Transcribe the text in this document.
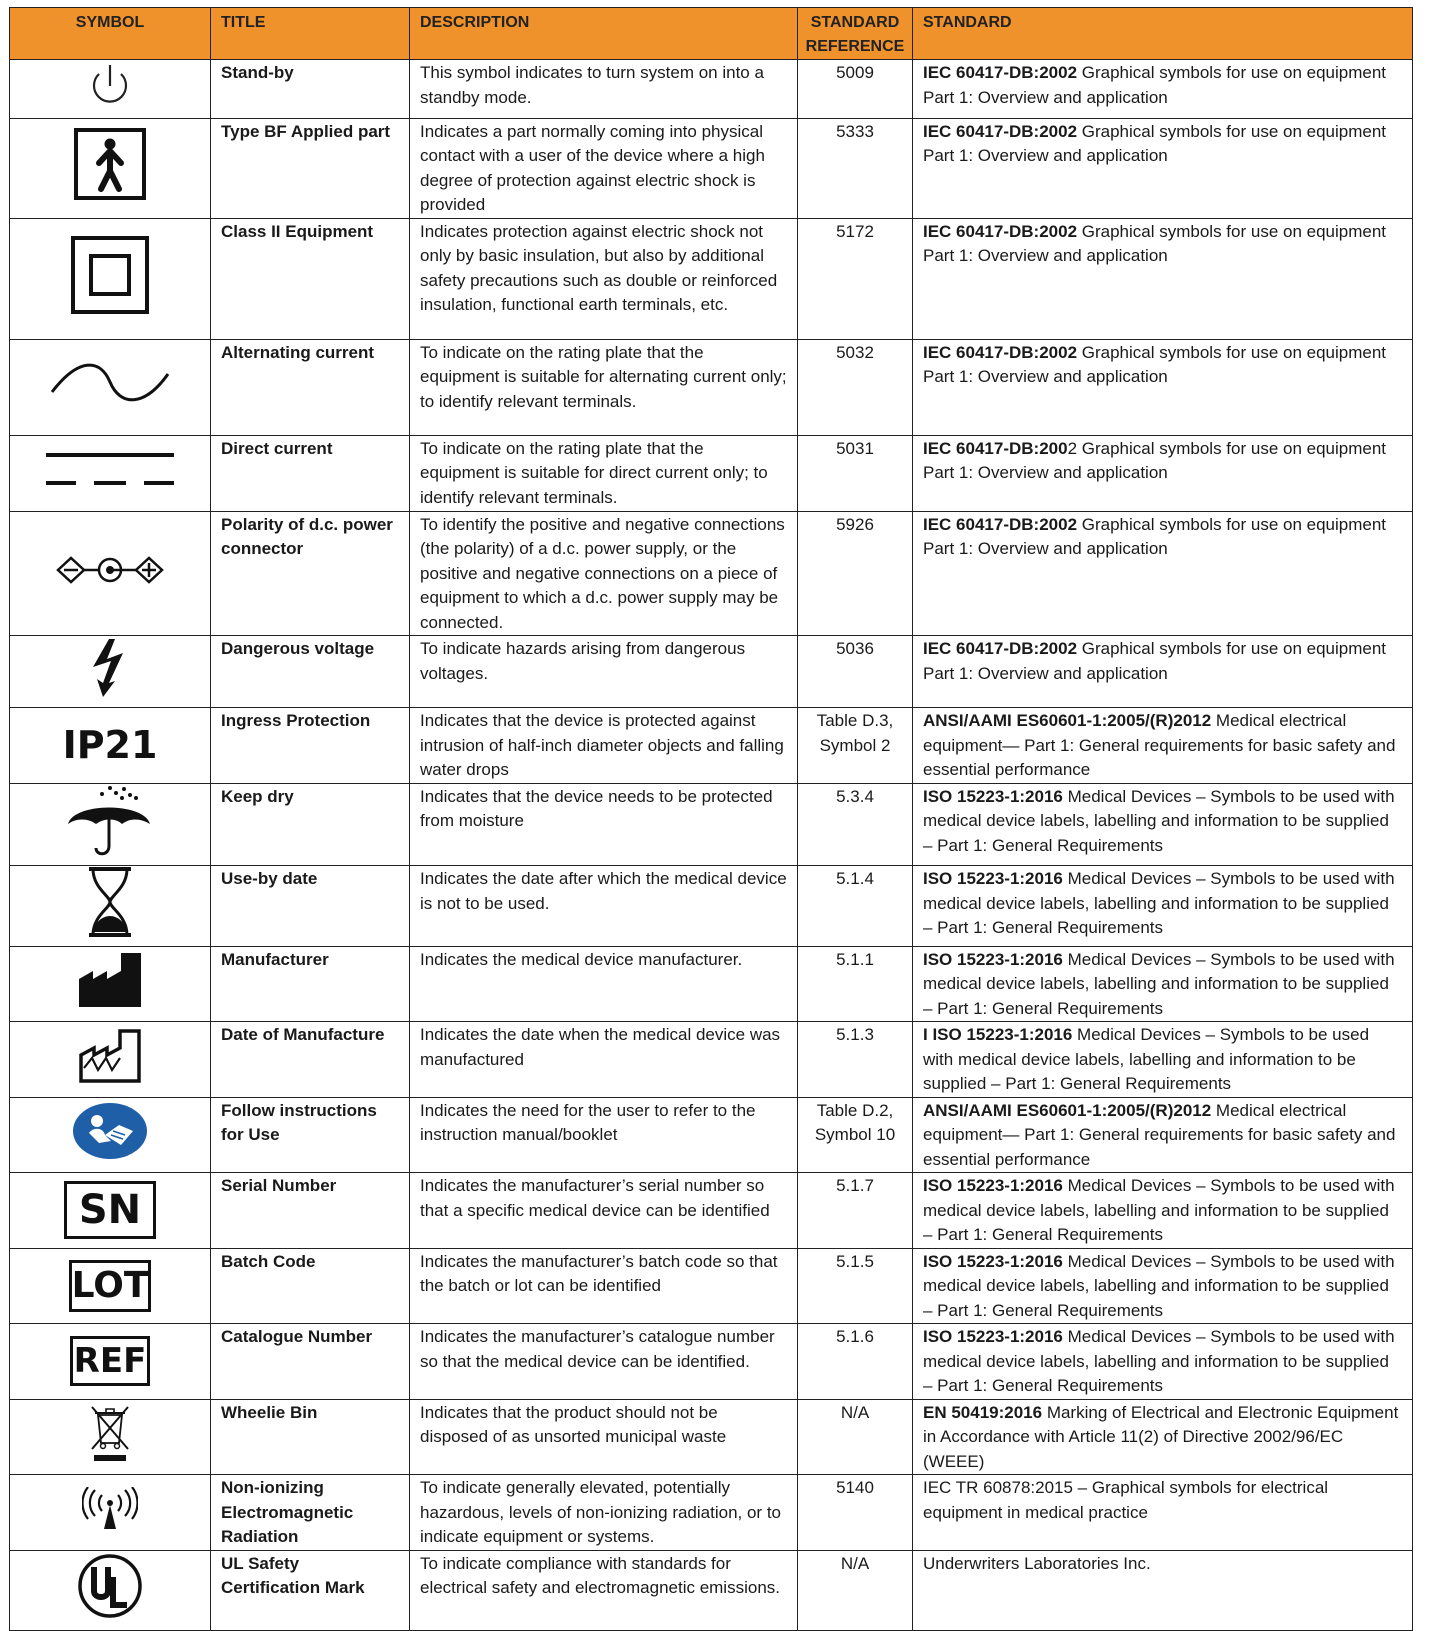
SYMBOL	TITLE	DESCRIPTION	STANDARD REFERENCE	STANDARD

	Stand-by	This symbol indicates to turn system on into a standby mode.	5009	IEC 60417-DB:2002 Graphical symbols for use on equipment Part 1: Overview and application

	Type BF Applied part	Indicates a part normally coming into physical contact with a user of the device where a high degree of protection against electric shock is provided	5333	IEC 60417-DB:2002 Graphical symbols for use on equipment Part 1: Overview and application

	Class II Equipment	Indicates protection against electric shock not only by basic insulation, but also by additional safety precautions such as double or reinforced insulation, functional earth terminals, etc.	5172	IEC 60417-DB:2002 Graphical symbols for use on equipment Part 1: Overview and application

	Alternating current	To indicate on the rating plate that the equipment is suitable for alternating current only; to identify relevant terminals.	5032	IEC 60417-DB:2002 Graphical symbols for use on equipment Part 1: Overview and application

	Direct current	To indicate on the rating plate that the equipment is suitable for direct current only; to identify relevant terminals.	5031	IEC 60417-DB:2002 Graphical symbols for use on equipment Part 1: Overview and application

	Polarity of d.c. power connector	To identify the positive and negative connections (the polarity) of a d.c. power supply, or the positive and negative connections on a piece of equipment to which a d.c. power supply may be connected.	5926	IEC 60417-DB:2002 Graphical symbols for use on equipment Part 1: Overview and application

	Dangerous voltage	To indicate hazards arising from dangerous voltages.	5036	IEC 60417-DB:2002 Graphical symbols for use on equipment Part 1: Overview and application
IP21	Ingress Protection	Indicates that the device is protected against intrusion of half-inch diameter objects and falling water drops	Table D.3, Symbol 2	ANSI/AAMI ES60601-1:2005/(R)2012 Medical electrical equipment— Part 1: General requirements for basic safety and essential performance

	Keep dry	Indicates that the device needs to be protected from moisture	5.3.4	ISO 15223-1:2016 Medical Devices – Symbols to be used with medical device labels, labelling and information to be supplied – Part 1: General Requirements

	Use-by date	Indicates the date after which the medical device is not to be used.	5.1.4	ISO 15223-1:2016 Medical Devices – Symbols to be used with medical device labels, labelling and information to be supplied – Part 1: General Requirements

	Manufacturer	Indicates the medical device manufacturer.	5.1.1	ISO 15223-1:2016 Medical Devices – Symbols to be used with medical device labels, labelling and information to be supplied – Part 1: General Requirements

	Date of Manufacture	Indicates the date when the medical device was manufactured	5.1.3	I ISO 15223-1:2016 Medical Devices – Symbols to be used with medical device labels, labelling and information to be supplied – Part 1: General Requirements

	Follow instructions for Use	Indicates the need for the user to refer to the instruction manual/booklet	Table D.2, Symbol 10	ANSI/AAMI ES60601-1:2005/(R)2012 Medical electrical equipment— Part 1: General requirements for basic safety and essential performance
SN	Serial Number	Indicates the manufacturer’s serial number so that a specific medical device can be identified	5.1.7	ISO 15223-1:2016 Medical Devices – Symbols to be used with medical device labels, labelling and information to be supplied – Part 1: General Requirements
LOT	Batch Code	Indicates the manufacturer’s batch code so that the batch or lot can be identified	5.1.5	ISO 15223-1:2016 Medical Devices – Symbols to be used with medical device labels, labelling and information to be supplied – Part 1: General Requirements
REF	Catalogue Number	Indicates the manufacturer’s catalogue number so that the medical device can be identified.	5.1.6	ISO 15223-1:2016 Medical Devices – Symbols to be used with medical device labels, labelling and information to be supplied – Part 1: General Requirements

	Wheelie Bin	Indicates that the product should not be disposed of as unsorted municipal waste	N/A	EN 50419:2016 Marking of Electrical and Electronic Equipment in Accordance with Article 11(2) of Directive 2002/96/EC (WEEE)

	Non-ionizing Electromagnetic Radiation	To indicate generally elevated, potentially hazardous, levels of non-ionizing radiation, or to indicate equipment or systems.	5140	IEC TR 60878:2015 – Graphical symbols for electrical equipment in medical practice

	UL Safety Certification Mark	To indicate compliance with standards for electrical safety and electromagnetic emissions.	N/A	Underwriters Laboratories Inc.
